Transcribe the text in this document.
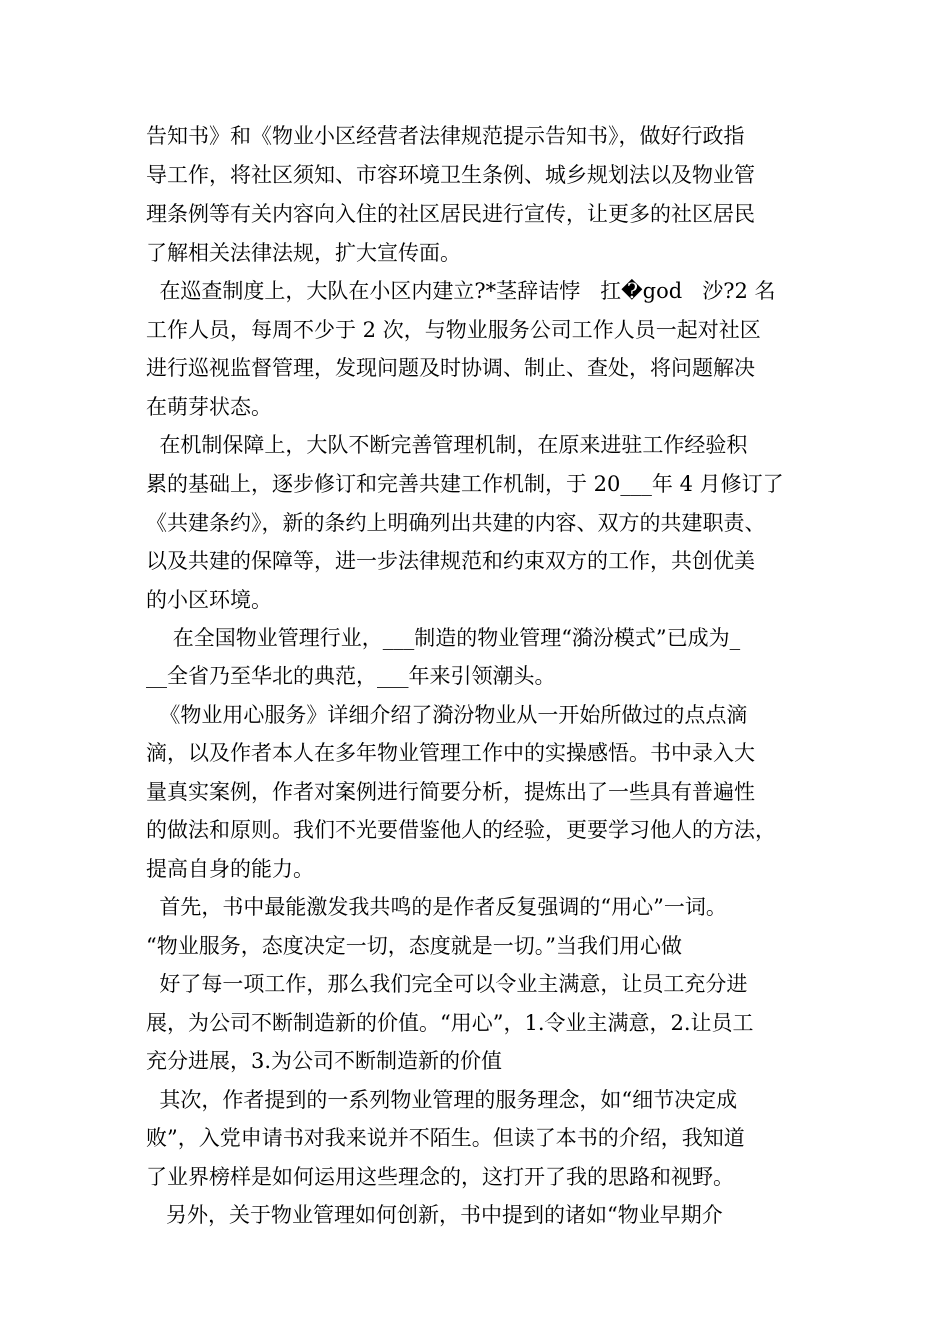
告知书》和《物业小区经营者法律规范提示告知书》，做好行政指
导工作，将社区须知、市容环境卫生条例、城乡规划法以及物业管
理条例等有关内容向入住的社区居民进行宣传，让更多的社区居民
了解相关法律法规，扩大宣传面。
在巡查制度上，大队在小区内建立?*茎辞诘悖   扛�god   沙?2 名
工作人员，每周不少于 2 次，与物业服务公司工作人员一起对社区
进行巡视监督管理，发现问题及时协调、制止、查处，将问题解决
在萌芽状态。
在机制保障上，大队不断完善管理机制，在原来进驻工作经验积
累的基础上，逐步修订和完善共建工作机制，于 20___年 4 月修订了
《共建条约》，新的条约上明确列出共建的内容、双方的共建职责、
以及共建的保障等，进一步法律规范和约束双方的工作，共创优美
的小区环境。
在全国物业管理行业，___制造的物业管理“漪汾模式”已成为_
__全省乃至华北的典范，___年来引领潮头。
《物业用心服务》详细介绍了漪汾物业从一开始所做过的点点滴
滴，以及作者本人在多年物业管理工作中的实操感悟。书中录入大
量真实案例，作者对案例进行简要分析，提炼出了一些具有普遍性
的做法和原则。我们不光要借鉴他人的经验，更要学习他人的方法，
提高自身的能力。
首先，书中最能激发我共鸣的是作者反复强调的“用心”一词。
“物业服务，态度决定一切，态度就是一切。”当我们用心做
好了每一项工作，那么我们完全可以令业主满意，让员工充分进
展，为公司不断制造新的价值。“用心”，1.令业主满意，2.让员工
充分进展，3.为公司不断制造新的价值
其次，作者提到的一系列物业管理的服务理念，如“细节决定成
败”，入党申请书对我来说并不陌生。但读了本书的介绍，我知道
了业界榜样是如何运用这些理念的，这打开了我的思路和视野。
另外，关于物业管理如何创新，书中提到的诸如“物业早期介
